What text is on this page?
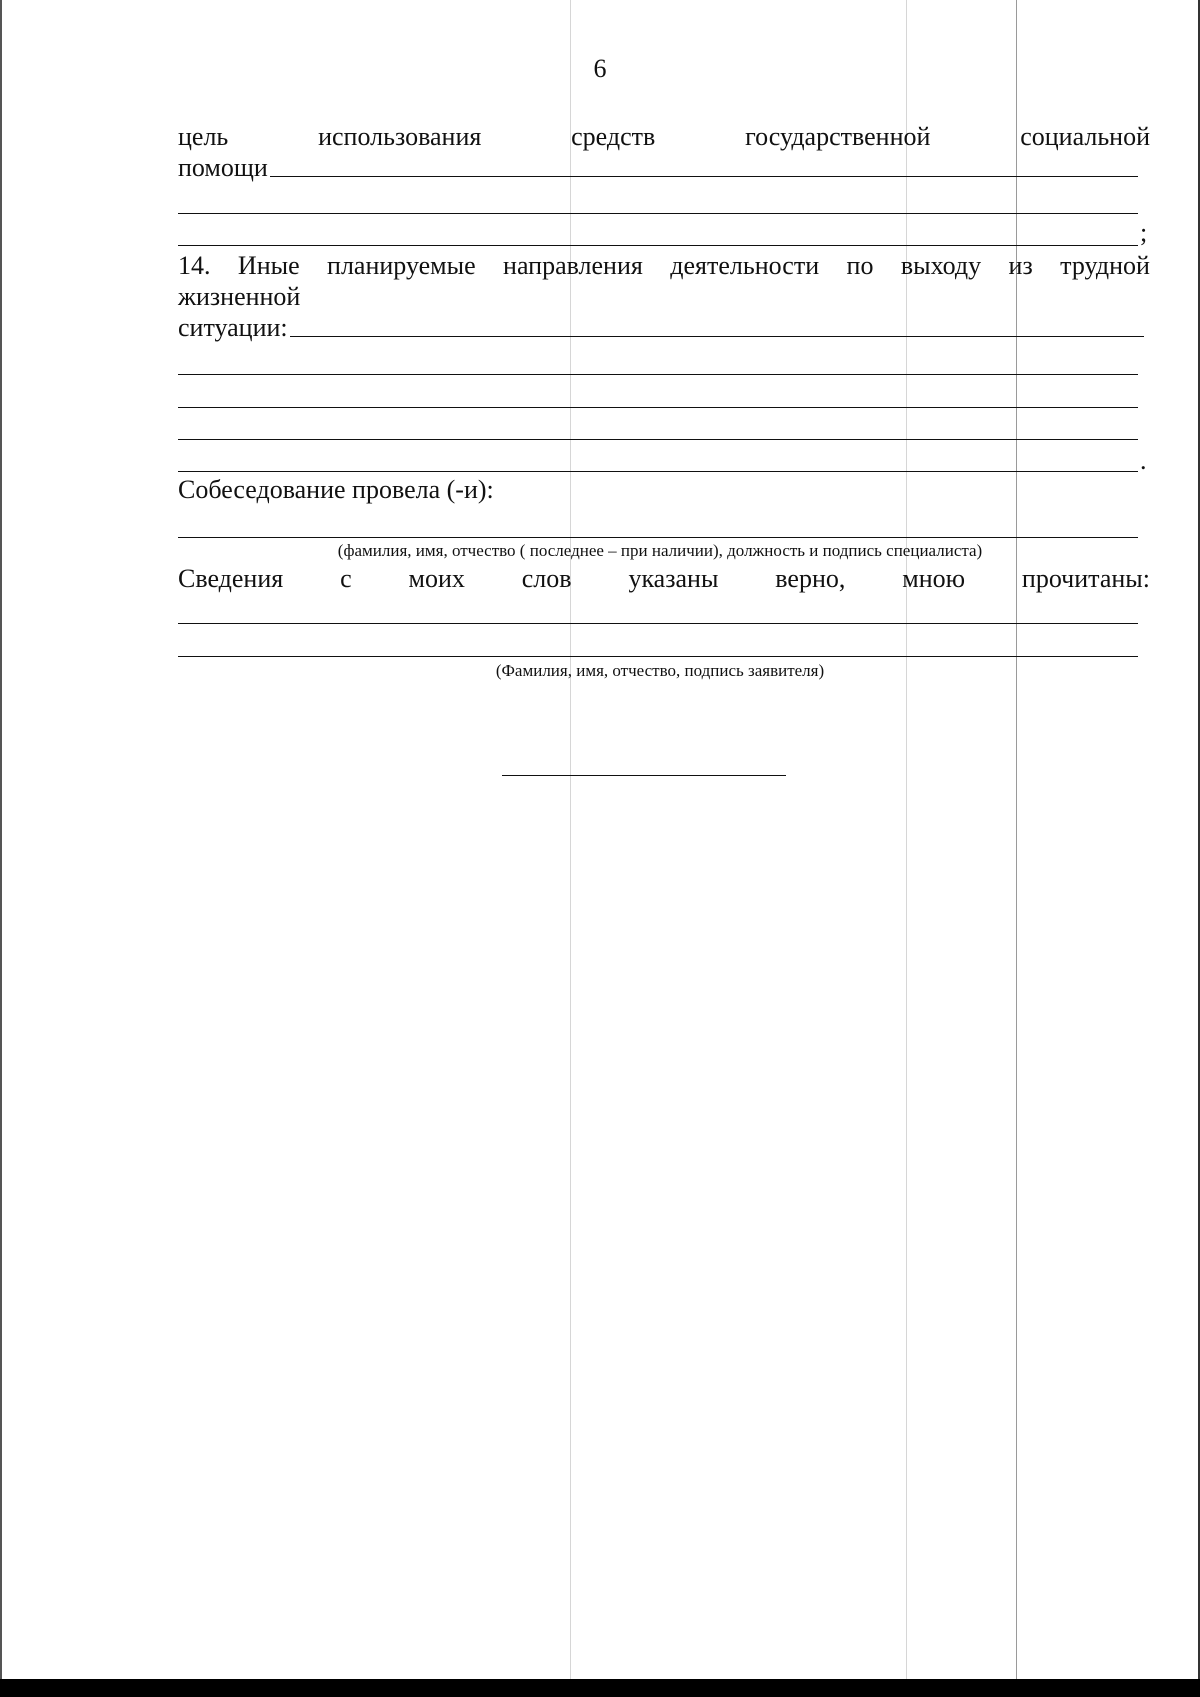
6
цель	использования	средств	государственной	социальной
помощи
;
14. Иные планируемые направления деятельности по выходу из трудной
жизненной
ситуации:
.
Собеседование провела (-и):
(фамилия, имя, отчество ( последнее – при наличии), должность и подпись специалиста)
Сведения с моих слов указаны верно, мною прочитаны:
(Фамилия, имя, отчество, подпись заявителя)
